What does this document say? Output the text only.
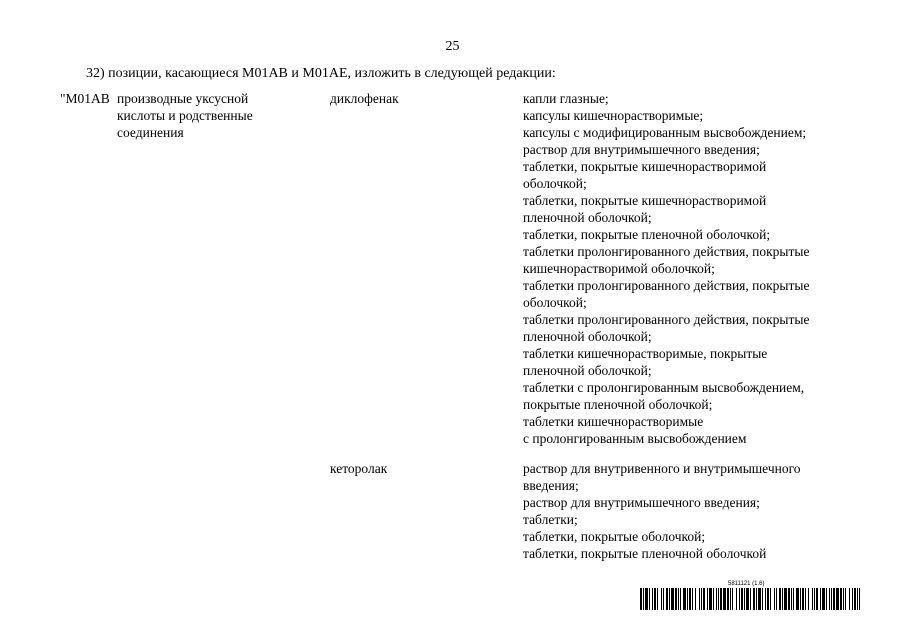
25
32) позиции, касающиеся M01AB и M01AE, изложить в следующей редакции:
"M01AB производные уксусной
кислоты и родственные
соединения
диклофенак	капли глазные;
капсулы кишечнорастворимые;
капсулы с модифицированным высвобождением;
раствор для внутримышечного введения;
таблетки, покрытые кишечнорастворимой
оболочкой;
таблетки, покрытые кишечнорастворимой
пленочной оболочкой;
таблетки, покрытые пленочной оболочкой;
таблетки пролонгированного действия, покрытые
кишечнорастворимой оболочкой;
таблетки пролонгированного действия, покрытые
оболочкой;
таблетки пролонгированного действия, покрытые
пленочной оболочкой;
таблетки кишечнорастворимые, покрытые
пленочной оболочкой;
таблетки с пролонгированным высвобождением,
покрытые пленочной оболочкой;
таблетки кишечнорастворимые
с пролонгированным высвобождением
кеторолак	раствор для внутривенного и внутримышечного
введения;
раствор для внутримышечного введения;
таблетки;
таблетки, покрытые оболочкой;
таблетки, покрытые пленочной оболочкой
5811121 (1.6)
